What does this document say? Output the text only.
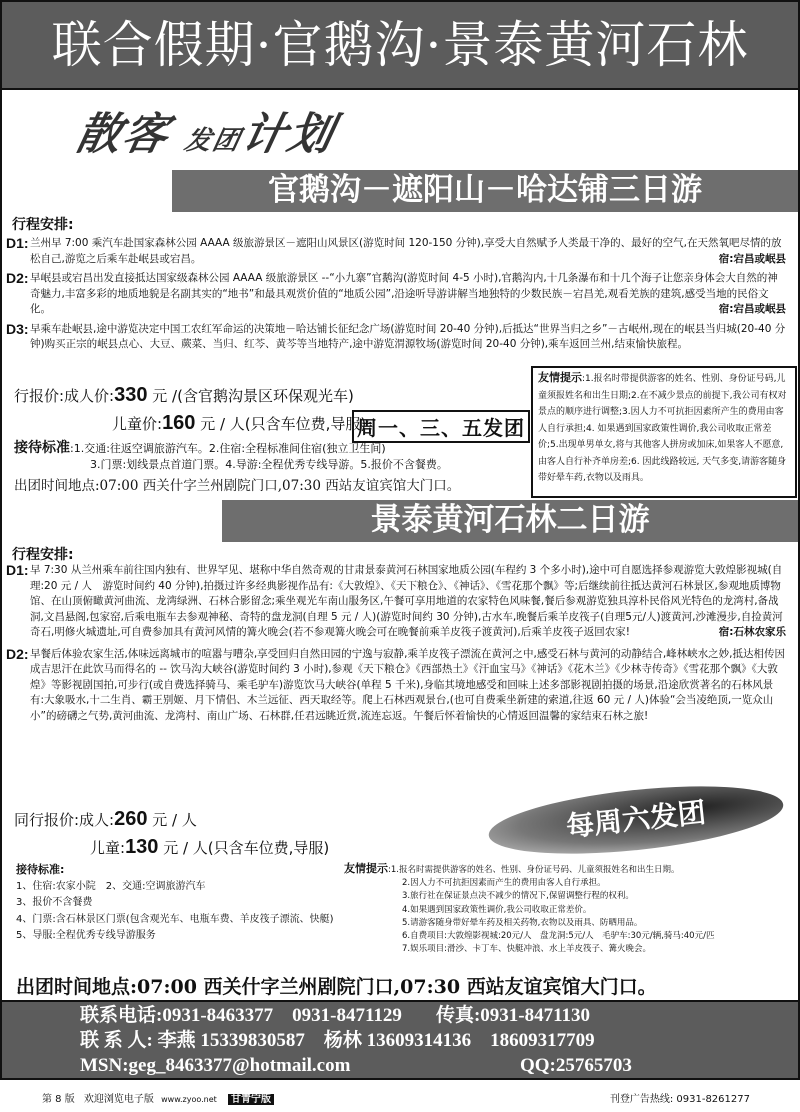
联合假期·官鹅沟·景泰黄河石林
散客 发团计划
官鹅沟－遮阳山－哈达铺三日游
行程安排:
D1: 兰州早 7:00 乘汽车赴国家森林公园 AAAA 级旅游景区－遮阳山风景区(游览时间 120-150 分钟),享受大自然赋予人类最干净的、最好的空气,在天然氧吧尽情的放松自己,游览之后乘车赴岷县或宕昌。	宿:宕昌或岷县
D2: 早岷县或宕昌出发直接抵达国家级森林公园 AAAA 级旅游景区 --“小九寨”官鹅沟(游览时间 4-5 小时),官鹅沟内,十几条瀑布和十几个海子让您亲身体会大自然的神奇魅力,丰富多彩的地质地貌是名副其实的“地书”和最具观赏价值的“地质公园”,沿途听导游讲解当地独特的少数民族－宕昌羌,观看羌族的建筑,感受当地的民俗文化。	宿:宕昌或岷县
D3: 早乘车赴岷县,途中游览决定中国工农红军命运的决策地－哈达铺长征纪念广场(游览时间 20-40 分钟),后抵达“世界当归之乡”－古岷州,现在的岷县当归城(20-40 分钟)购买正宗的岷县点心、大豆、蕨菜、当归、红芩、黄芩等当地特产,途中游览渭源牧场(游览时间 20-40 分钟),乘车返回兰州,结束愉快旅程。
行报价:成人价:330 元 /(含官鹅沟景区环保观光车)
儿童价:160 元 / 人(只含车位费,导服)
周一、三、五发团
接待标准:1.交通:往返空调旅游汽车。2.住宿:全程标准间住宿(独立卫生间)
3.门票:划线景点首道门票。4.导游:全程优秀专线导游。5.报价不含餐费。
出团时间地点:07:00 西关什字兰州剧院门口,07:30 西站友谊宾馆大门口。
友情提示:1.报名时带提供游客的姓名、性别、身份证号码,儿童须报姓名和出生日期;2.在不减少景点的前提下,我公司有权对景点的顺序进行调整;3.因人力不可抗拒因素所产生的费用由客人自行承担;4. 如果遇到国家政策性调价,我公司收取正常差价;5.出现单男单女,将与其他客人拼房或加床,如果客人不愿意,由客人自行补齐单房差;6. 因此线路较远, 天气多变,请游客随身带好晕车药,衣物以及雨具。
景泰黄河石林二日游
行程安排:
D1: 早 7:30 从兰州乘车前往国内独有、世界罕见、堪称中华自然奇观的甘肃景泰黄河石林国家地质公园(车程约 3 个多小时),途中可自愿选择参观游览大敦煌影视城(自理:20 元 / 人　游览时间约 40 分钟),拍摄过许多经典影视作品有:《大敦煌》、《天下粮仓》、《神话》、《雪花那个飘》等;后继续前往抵达黄河石林景区,参观地质博物馆、在山顶俯瞰黄河曲流、龙湾绿洲、石林合影留念;乘坐观光车南山服务区,午餐可享用地道的农家特色风味餐,餐后参观游览独具淳朴民俗风光特色的龙湾村,备战洞,文昌悬阁,包家窑,后乘电瓶车去参观神秘、奇特的盘龙洞(自理 5 元 / 人)(游览时间约 30 分钟),古水车,晚餐后乘羊皮筏子(自理5元/人)渡黄河,沙滩漫步,自捡黄河奇石,明修火城遗址,可自费参加具有黄河风情的篝火晚会(若不参观篝火晚会可在晚餐前乘羊皮筏子渡黄河),后乘羊皮筏子返回农家!	宿:石林农家乐
D2: 早餐后体验农家生活,体味远离城市的喧嚣与嘈杂,享受回归自然田园的宁逸与寂静,乘羊皮筏子漂流在黄河之中,感受石林与黄河的动静结合,峰林峡水之妙,抵达相传因成吉思汗在此饮马而得名的 -- 饮马沟大峡谷(游览时间约 3 小时),参观《天下粮仓》《西部热土》《汗血宝马》《神话》《花木兰》《少林寺传奇》《雪花那个飘》《大敦煌》等影视剧国拍,可步行(或自费选择骑马、乘毛驴车)游览饮马大峡谷(单程 5 千米),身临其境地感受和回味上述多部影视剧拍摄的场景,沿途欣赏著名的石林风景有:大象吸水,十二生肖、霸王别姬、月下情侣、木兰远征、西天取经等。爬上石林西观景台,(也可自费乘坐新建的索道,往返 60 元 / 人)体验“会当凌绝顶,一览众山小”的磅礴之气势,黄河曲流、龙湾村、南山广场、石林群,任君远眺近赏,流连忘返。午餐后怀着愉快的心情返回温馨的家结束石林之旅!
每周六发团
同行报价:成人:260 元 / 人
儿童:130 元 / 人(只含车位费,导服)
接待标准:
1、住宿:农家小院　2、交通:空调旅游汽车
3、报价不含餐费
4、门票:含石林景区门票(包含观光车、电瓶车费、羊皮筏子漂流、快艇)
5、导服:全程优秀专线导游服务
友情提示:1.报名时需提供游客的姓名、性别、身份证号码、儿童须报姓名和出生日期。
2.因人力不可抗拒因素而产生的费用由客人自行承担。
3.旅行社在保证景点决不减少的情况下,保留调整行程的权利。
4.如果遇到国家政策性调价,我公司收取正常差价。
5.请游客随身带好晕车药及相关药物,衣物以及雨具、防晒用品。
6.自费项目:大敦煌影视城:20元/人　盘龙洞:5元/人　毛驴车:30元/辆,骑马:40元/匹
7.娱乐项目:滑沙、卡丁车、快艇冲浪、水上羊皮筏子、篝火晚会。
出团时间地点:07:00 西关什字兰州剧院门口,07:30 西站友谊宾馆大门口。
联系电话:0931-8463377　0931-8471129 传真:0931-8471130
联 系 人: 李燕 15339830587　杨林 13609314136　18609317709
MSN:geg_8463377@hotmail.com	QQ:25765703
第 8 版 欢迎浏览电子版 www.zyoo.net 甘青宁版	刊登广告热线: 0931-8261277
